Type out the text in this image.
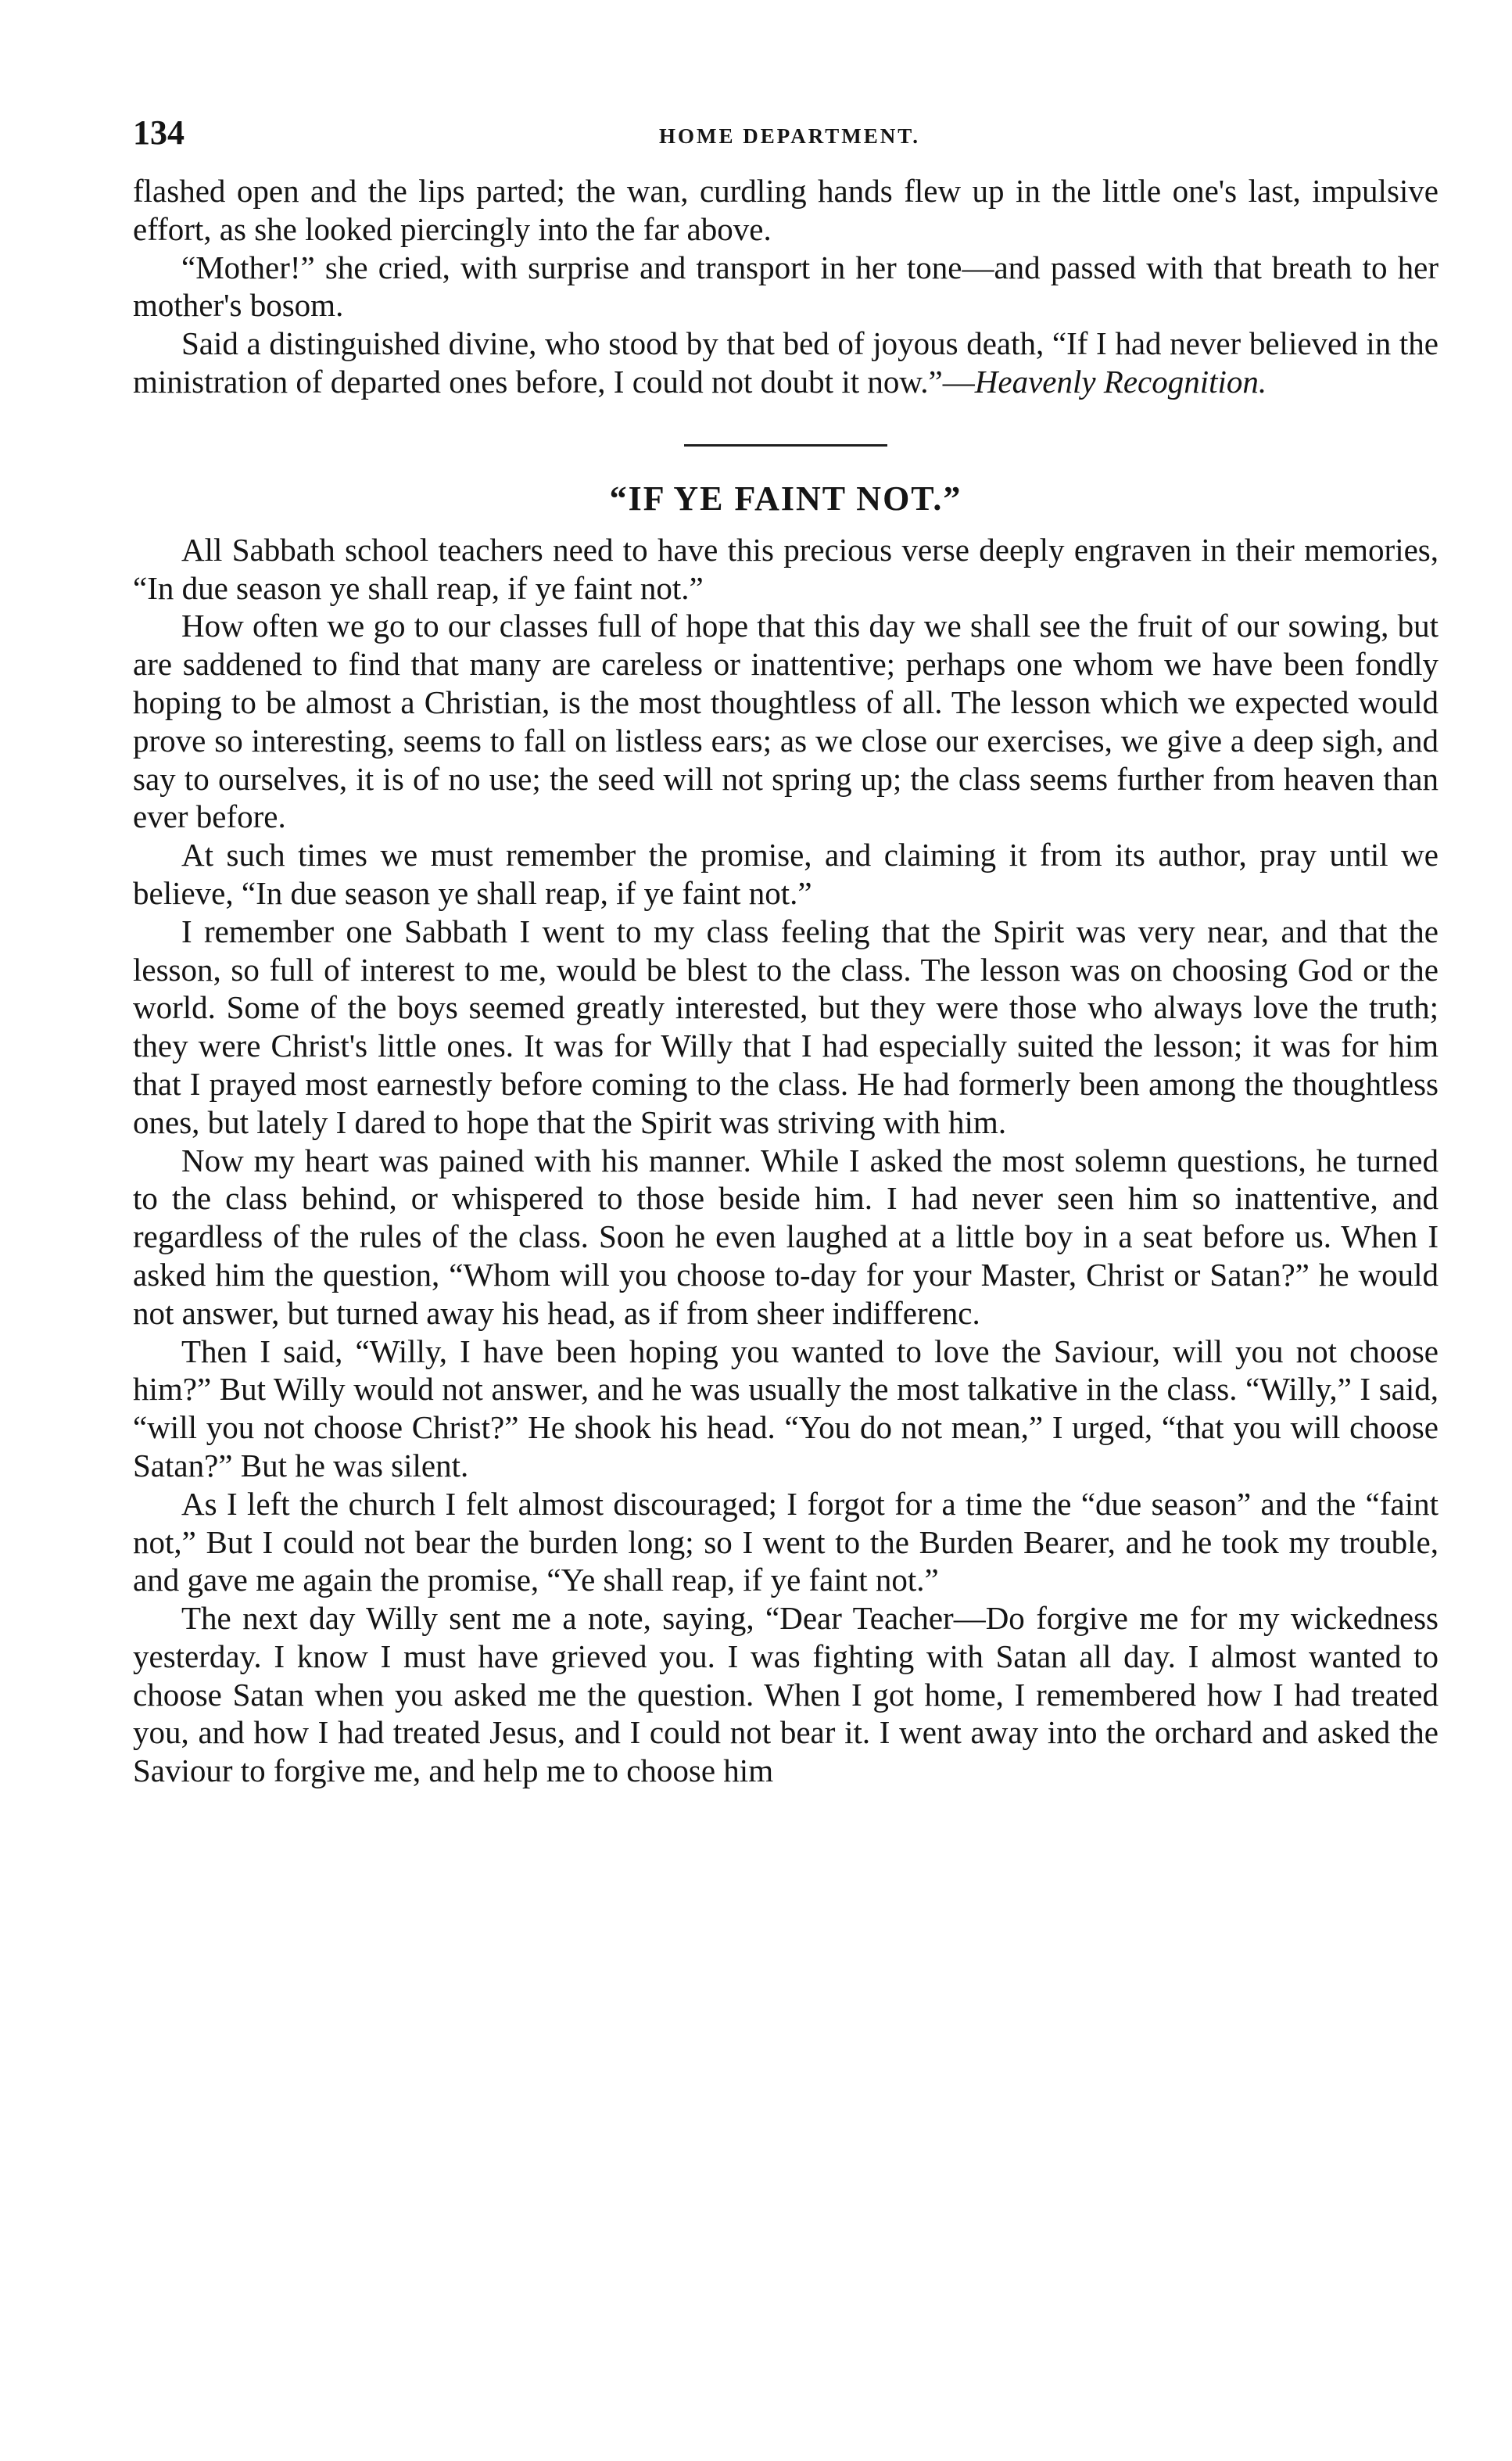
134	HOME DEPARTMENT.

flashed open and the lips parted; the wan, curdling hands flew up in the little one's last, impulsive effort, as she looked piercingly into the far above.

“Mother!” she cried, with surprise and transport in her tone—and passed with that breath to her mother's bosom.

Said a distinguished divine, who stood by that bed of joyous death, “If I had never believed in the ministration of departed ones before, I could not doubt it now.”—Heavenly Recognition.

“IF YE FAINT NOT.”

All Sabbath school teachers need to have this precious verse deeply engraven in their memories, “In due season ye shall reap, if ye faint not.”

How often we go to our classes full of hope that this day we shall see the fruit of our sowing, but are saddened to find that many are careless or inattentive; perhaps one whom we have been fondly hoping to be almost a Christian, is the most thoughtless of all. The lesson which we expected would prove so interesting, seems to fall on listless ears; as we close our exercises, we give a deep sigh, and say to ourselves, it is of no use; the seed will not spring up; the class seems further from heaven than ever before.

At such times we must remember the promise, and claiming it from its author, pray until we believe, “In due season ye shall reap, if ye faint not.”

I remember one Sabbath I went to my class feeling that the Spirit was very near, and that the lesson, so full of interest to me, would be blest to the class. The lesson was on choosing God or the world. Some of the boys seemed greatly interested, but they were those who always love the truth; they were Christ's little ones. It was for Willy that I had especially suited the lesson; it was for him that I prayed most earnestly before coming to the class. He had formerly been among the thoughtless ones, but lately I dared to hope that the Spirit was striving with him.

Now my heart was pained with his manner. While I asked the most solemn questions, he turned to the class behind, or whispered to those beside him. I had never seen him so inattentive, and regardless of the rules of the class. Soon he even laughed at a little boy in a seat before us. When I asked him the question, “Whom will you choose to-day for your Master, Christ or Satan?” he would not answer, but turned away his head, as if from sheer indifferenc.

Then I said, “Willy, I have been hoping you wanted to love the Saviour, will you not choose him?” But Willy would not answer, and he was usually the most talkative in the class. “Willy,” I said, “will you not choose Christ?” He shook his head. “You do not mean,” I urged, “that you will choose Satan?” But he was silent.

As I left the church I felt almost discouraged; I forgot for a time the “due season” and the “faint not,” But I could not bear the burden long; so I went to the Burden Bearer, and he took my trouble, and gave me again the promise, “Ye shall reap, if ye faint not.”

The next day Willy sent me a note, saying, “Dear Teacher—Do forgive me for my wickedness yesterday. I know I must have grieved you. I was fighting with Satan all day. I almost wanted to choose Satan when you asked me the question. When I got home, I remembered how I had treated you, and how I had treated Jesus, and I could not bear it. I went away into the orchard and asked the Saviour to forgive me, and help me to choose him
